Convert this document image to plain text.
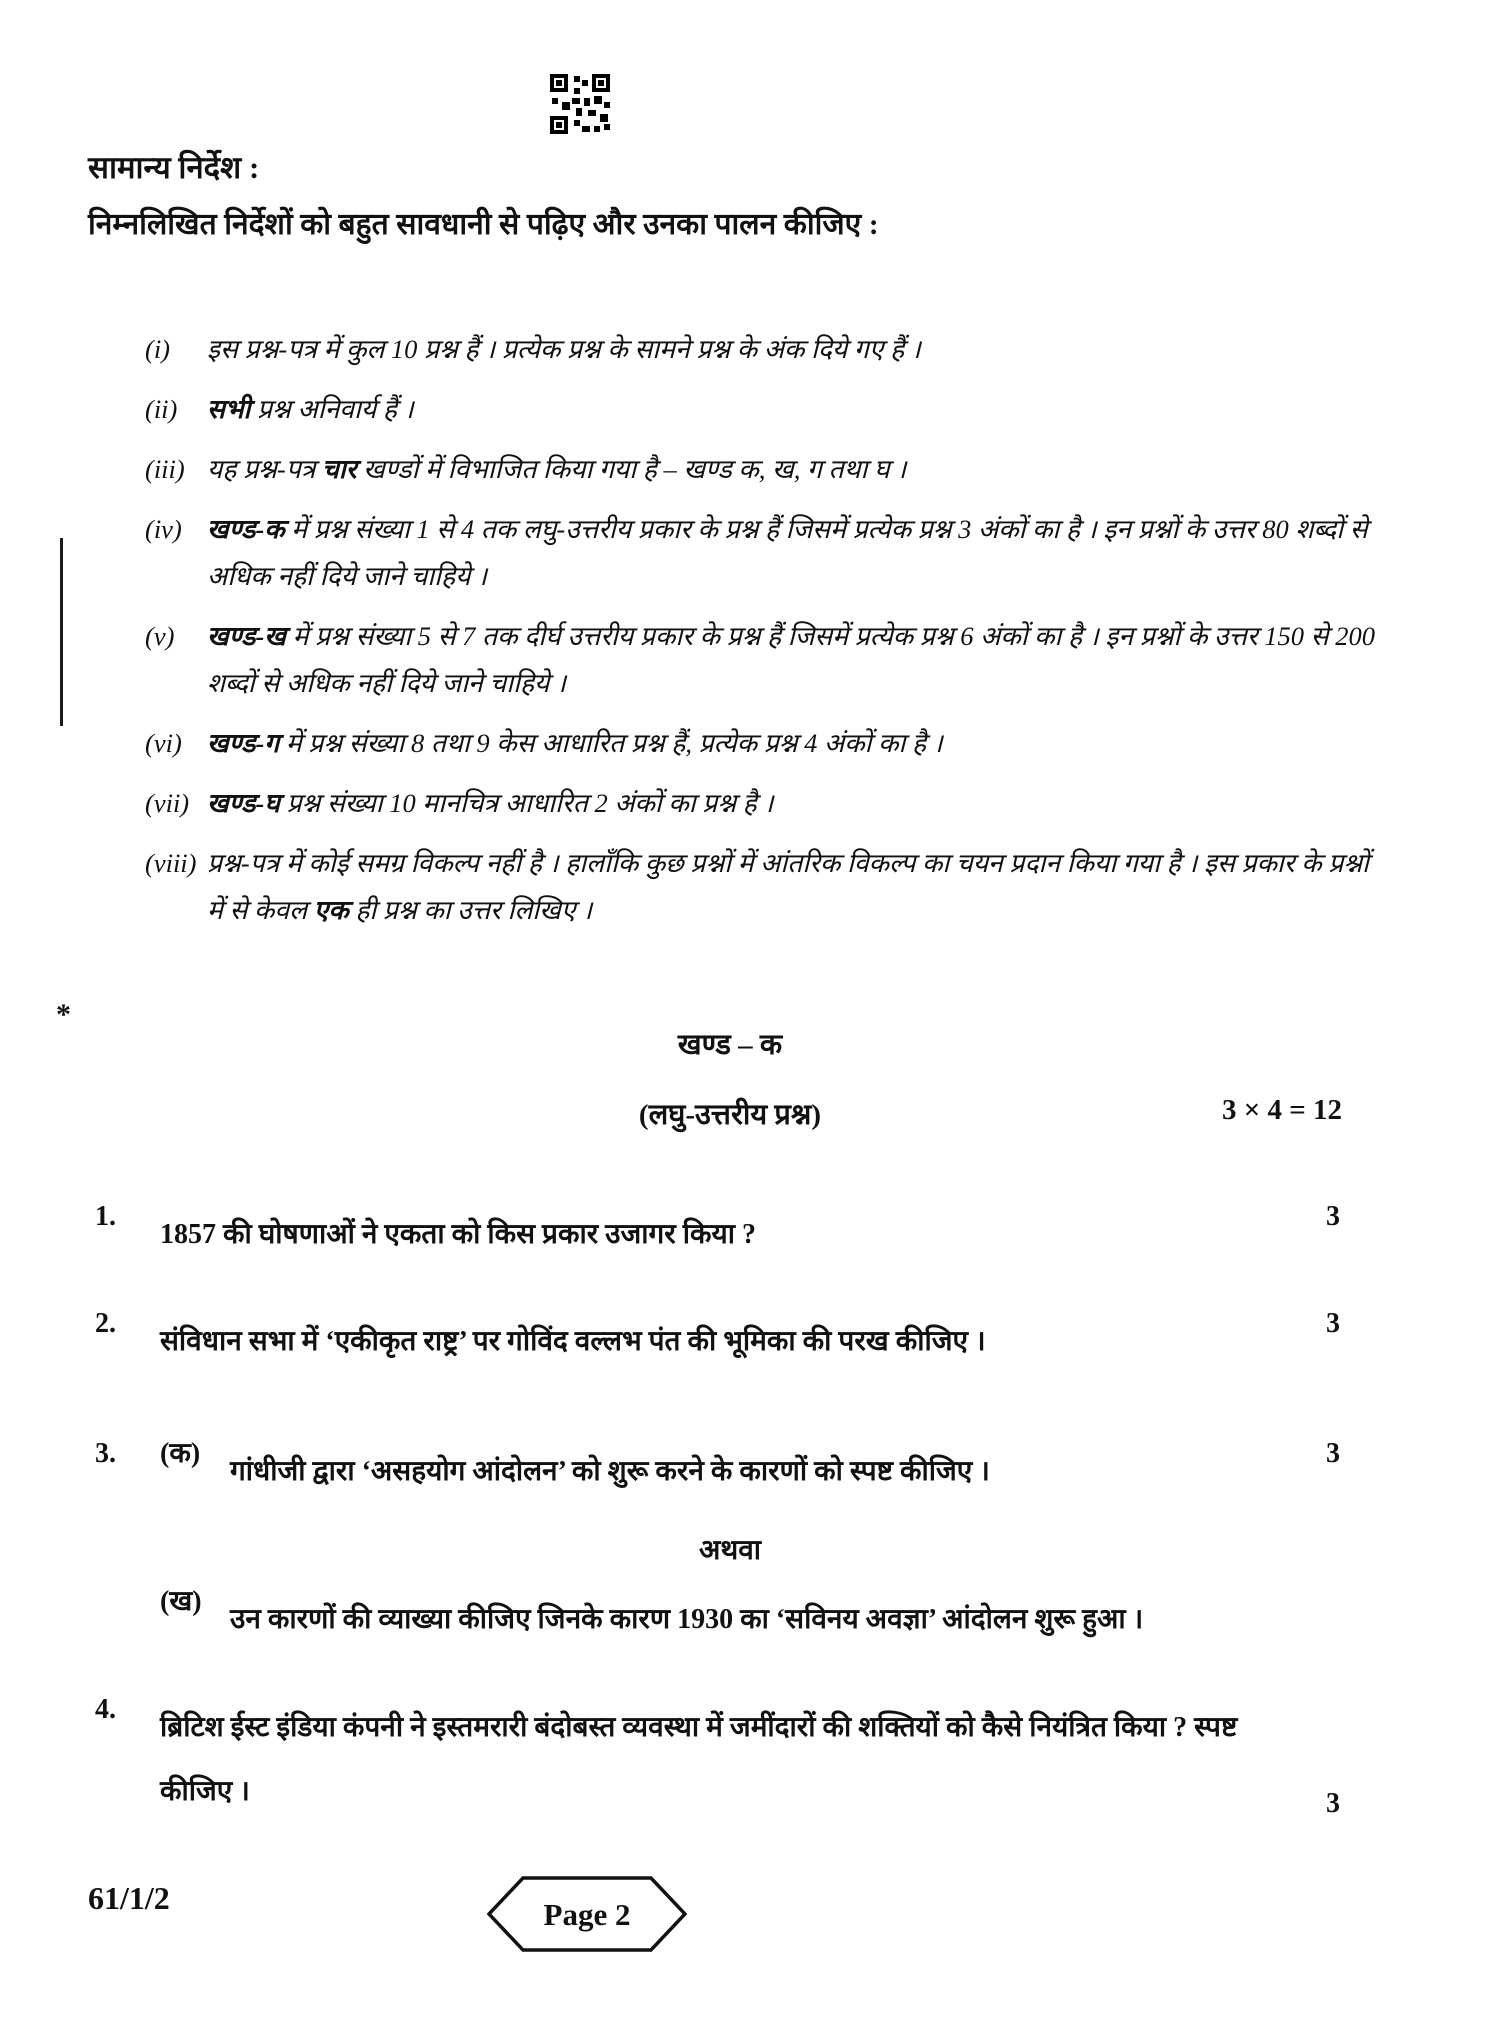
सामान्य निर्देश :
निम्नलिखित निर्देशों को बहुत सावधानी से पढ़िए और उनका पालन कीजिए :
*
(i)	इस प्रश्न-पत्र में कुल 10 प्रश्न हैं । प्रत्येक प्रश्न के सामने प्रश्न के अंक दिये गए हैं ।
(ii)	सभी प्रश्न अनिवार्य हैं ।
(iii) यह प्रश्न-पत्र चार खण्डों में विभाजित किया गया है – खण्ड क, ख, ग तथा घ ।
(iv) खण्ड-क में प्रश्न संख्या 1 से 4 तक लघु-उत्तरीय प्रकार के प्रश्न हैं जिसमें प्रत्येक प्रश्न 3 अंकों का है । इन प्रश्नों के उत्तर 80 शब्दों से अधिक नहीं दिये जाने चाहिये ।
(v)	खण्ड-ख में प्रश्न संख्या 5 से 7 तक दीर्घ उत्तरीय प्रकार के प्रश्न हैं जिसमें प्रत्येक प्रश्न 6 अंकों का है । इन प्रश्नों के उत्तर 150 से 200 शब्दों से अधिक नहीं दिये जाने चाहिये ।
(vi) खण्ड-ग में प्रश्न संख्या 8 तथा 9 केस आधारित प्रश्न हैं, प्रत्येक प्रश्न 4 अंकों का है ।
(vii) खण्ड-घ प्रश्न संख्या 10 मानचित्र आधारित 2 अंकों का प्रश्न है ।
(viii) प्रश्न-पत्र में कोई समग्र विकल्प नहीं है । हालाँकि कुछ प्रश्नों में आंतरिक विकल्प का चयन प्रदान किया गया है । इस प्रकार के प्रश्नों में से केवल एक ही प्रश्न का उत्तर लिखिए ।
खण्ड – क
(लघु-उत्तरीय प्रश्न)	3 × 4 = 12
1.
1857 की घोषणाओं ने एकता को किस प्रकार उजागर किया ?
3
2.
संविधान सभा में ‘एकीकृत राष्ट्र’ पर गोविंद वल्लभ पंत की भूमिका की परख कीजिए ।
3
3. (क)
गांधीजी द्वारा ‘असहयोग आंदोलन’ को शुरू करने के कारणों को स्पष्ट कीजिए ।
3
अथवा
(ख)
उन कारणों की व्याख्या कीजिए जिनके कारण 1930 का ‘सविनय अवज्ञा’ आंदोलन शुरू हुआ ।
4.
ब्रिटिश ईस्ट इंडिया कंपनी ने इस्तमरारी बंदोबस्त व्यवस्था में जमींदारों की शक्तियों को कैसे नियंत्रित किया ? स्पष्ट कीजिए ।	3
61/1/2	Page 2
